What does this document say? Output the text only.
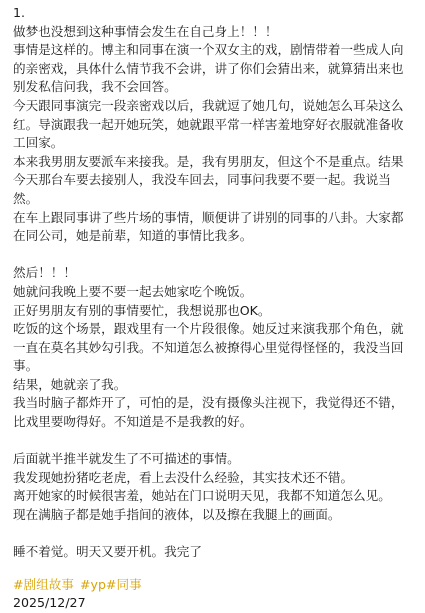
1.

做梦也没想到这种事情会发生在自己身上！！！

事情是这样的。博主和同事在演一个双女主的戏，剧情带着一些成人向的亲密戏，具体什么情节我不会讲，讲了你们会猜出来，就算猜出来也别发私信问我，我不会回答。

今天跟同事演完一段亲密戏以后，我就逗了她几句，说她怎么耳朵这么红。导演跟我一起开她玩笑，她就跟平常一样害羞地穿好衣服就准备收工回家。

本来我男朋友要派车来接我。是，我有男朋友，但这个不是重点。结果今天那台车要去接别人，我没车回去，同事问我要不要一起。我说当然。

在车上跟同事讲了些片场的事情，顺便讲了讲别的同事的八卦。大家都在同公司，她是前辈，知道的事情比我多。

然后！！！

她就问我晚上要不要一起去她家吃个晚饭。

正好男朋友有别的事情要忙，我想说那也OK。

吃饭的这个场景，跟戏里有一个片段很像。她反过来演我那个角色，就一直在莫名其妙勾引我。不知道怎么被撩得心里觉得怪怪的，我没当回事。

结果，她就亲了我。

我当时脑子都炸开了，可怕的是，没有摄像头注视下，我觉得还不错，比戏里要吻得好。不知道是不是我教的好。

后面就半推半就发生了不可描述的事情。

我发现她扮猪吃老虎，看上去没什么经验，其实技术还不错。

离开她家的时候很害羞，她站在门口说明天见，我都不知道怎么见。

现在满脑子都是她手指间的液体，以及擦在我腿上的画面。

睡不着觉。明天又要开机。我完了

#剧组故事 #yp#同事
2025/12/27
